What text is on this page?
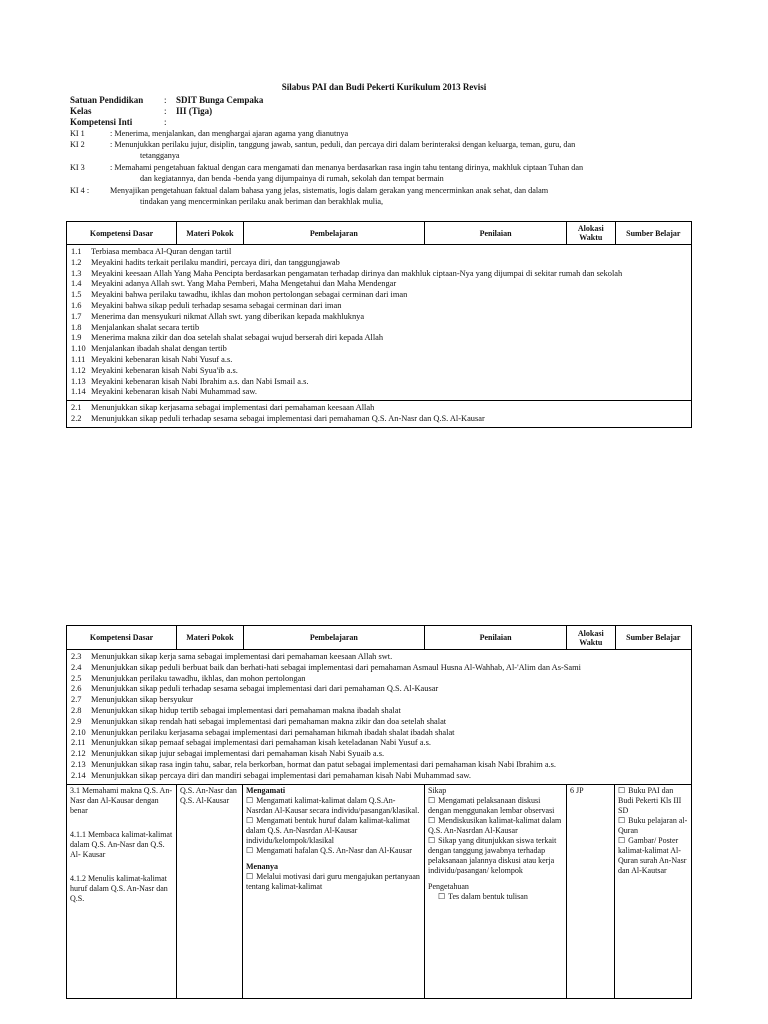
Silabus PAI dan Budi Pekerti Kurikulum 2013 Revisi
Satuan Pendidikan : SDIT Bunga Cempaka
Kelas	: III (Tiga)
Kompetensi Inti	:
KI 1	: Menerima, menjalankan, dan menghargai ajaran agama yang dianutnya
KI 2	: Menunjukkan perilaku jujur, disiplin, tanggung jawab, santun, peduli, dan percaya diri dalam berinteraksi dengan keluarga, teman, guru, dan
tetangganya
KI 3	: Memahami pengetahuan faktual dengan cara mengamati dan menanya berdasarkan rasa ingin tahu tentang dirinya, makhluk ciptaan Tuhan dan
dan kegiatannya, dan benda -benda yang dijumpainya di rumah, sekolah dan tempat bermain
KI 4 :	Menyajikan pengetahuan faktual dalam bahasa yang jelas, sistematis, logis dalam gerakan yang mencerminkan anak sehat, dan dalam
tindakan yang mencerminkan perilaku anak beriman dan berakhlak mulia,
Kompetensi Dasar	Materi Pokok	Pembelajaran	Penilaian	Alokasi Waktu	Sumber Belajar
1.1	Terbiasa membaca Al-Quran dengan tartil
1.2	Meyakini hadits terkait perilaku mandiri, percaya diri, dan tanggungjawab
1.3	Meyakini keesaan Allah Yang Maha Pencipta berdasarkan pengamatan terhadap dirinya dan makhluk ciptaan-Nya yang dijumpai di sekitar rumah dan sekolah
1.4	Meyakini adanya Allah swt. Yang Maha Pemberi, Maha Mengetahui dan Maha Mendengar
1.5	Meyakini bahwa perilaku tawadhu, ikhlas dan mohon pertolongan sebagai cerminan dari iman
1.6	Meyakini bahwa sikap peduli terhadap sesama sebagai cerminan dari iman
1.7	Menerima dan mensyukuri nikmat Allah swt. yang diberikan kepada makhluknya
1.8	Menjalankan shalat secara tertib
1.9	Menerima makna zikir dan doa setelah shalat sebagai wujud berserah diri kepada Allah
1.10 Menjalankan ibadah shalat dengan tertib
1.11 Meyakini kebenaran kisah Nabi Yusuf a.s.
1.12 Meyakini kebenaran kisah Nabi Syua'ib a.s.
1.13 Meyakini kebenaran kisah Nabi Ibrahim a.s. dan Nabi Ismail a.s.
1.14 Meyakini kebenaran kisah Nabi Muhammad saw.
2.1	Menunjukkan sikap kerjasama sebagai implementasi dari pemahaman keesaan Allah
2.2	Menunjukkan sikap peduli terhadap sesama sebagai implementasi dari pemahaman Q.S. An-Nasr dan Q.S. Al-Kausar
Kompetensi Dasar	Materi Pokok	Pembelajaran	Penilaian	Alokasi Waktu	Sumber Belajar
2.3	Menunjukkan sikap kerja sama sebagai implementasi dari pemahaman keesaan Allah swt.
2.4	Menunjukkan sikap peduli berbuat baik dan berhati-hati sebagai implementasi dari pemahaman Asmaul Husna Al-Wahhab, Al-'Alim dan As-Sami
2.5	Menunjukkan perilaku tawadhu, ikhlas, dan mohon pertolongan
2.6	Menunjukkan sikap peduli terhadap sesama sebagai implementasi dari dari pemahaman Q.S. Al-Kausar
2.7	Menunjukkan sikap bersyukur
2.8	Menunjukkan sikap hidup tertib sebagai implementasi dari pemahaman makna ibadah shalat
2.9	Menunjukkan sikap rendah hati sebagai implementasi dari pemahaman makna zikir dan doa setelah shalat
2.10 Menunjukkan perilaku kerjasama sebagai implementasi dari pemahaman hikmah ibadah shalat ibadah shalat
2.11 Menunjukkan sikap pemaaf sebagai implementasi dari pemahaman kisah keteladanan Nabi Yusuf a.s.
2.12 Menunjukkan sikap jujur sebagai implementasi dari pemahaman kisah Nabi Syuaib a.s.
2.13 Menunjukkan sikap rasa ingin tahu, sabar, rela berkorban, hormat dan patut sebagai implementasi dari pemahaman kisah Nabi Ibrahim a.s.
2.14 Menunjukkan sikap percaya diri dan mandiri sebagai implementasi dari pemahaman kisah Nabi Muhammad saw.
3.1 Memahami makna Q.S. An-Nasr dan Al-Kausar dengan benar
4.1.1 Membaca kalimat-kalimat dalam Q.S. An-Nasr dan Q.S. Al- Kausar
4.1.2 Menulis kalimat-kalimat huruf dalam Q.S. An-Nasr dan Q.S.
Q.S. An-Nasr dan Q.S. Al-Kausar
Mengamati
☐ Mengamati kalimat-kalimat dalam Q.S.An-Nasrdan Al-Kausar secara individu/pasangan/klasikal.
☐ Mengamati bentuk huruf dalam kalimat-kalimat dalam Q.S. An-Nasrdan Al-Kausar individu/kelompok/klasikal
☐ Mengamati hafalan Q.S. An-Nasr dan Al-Kausar
Menanya
☐ Melalui motivasi dari guru mengajukan pertanyaan tentang kalimat-kalimat
Sikap
☐ Mengamati pelaksanaan diskusi dengan menggunakan lembar observasi
☐ Mendiskusikan kalimat-kalimat dalam Q.S. An-Nasrdan Al-Kausar
☐ Sikap yang ditunjukkan siswa terkait dengan tanggung jawabnya terhadap pelaksanaan jalannya diskusi atau kerja individu/pasangan/ kelompok
Pengetahuan
☐ Tes dalam bentuk tulisan
6 JP
☐	Buku PAI dan Budi Pekerti Kls III SD
☐ Buku pelajaran al-Quran
☐ Gambar/ Poster kalimat-kalimat Al-Quran surah An-Nasr dan Al-Kautsar
